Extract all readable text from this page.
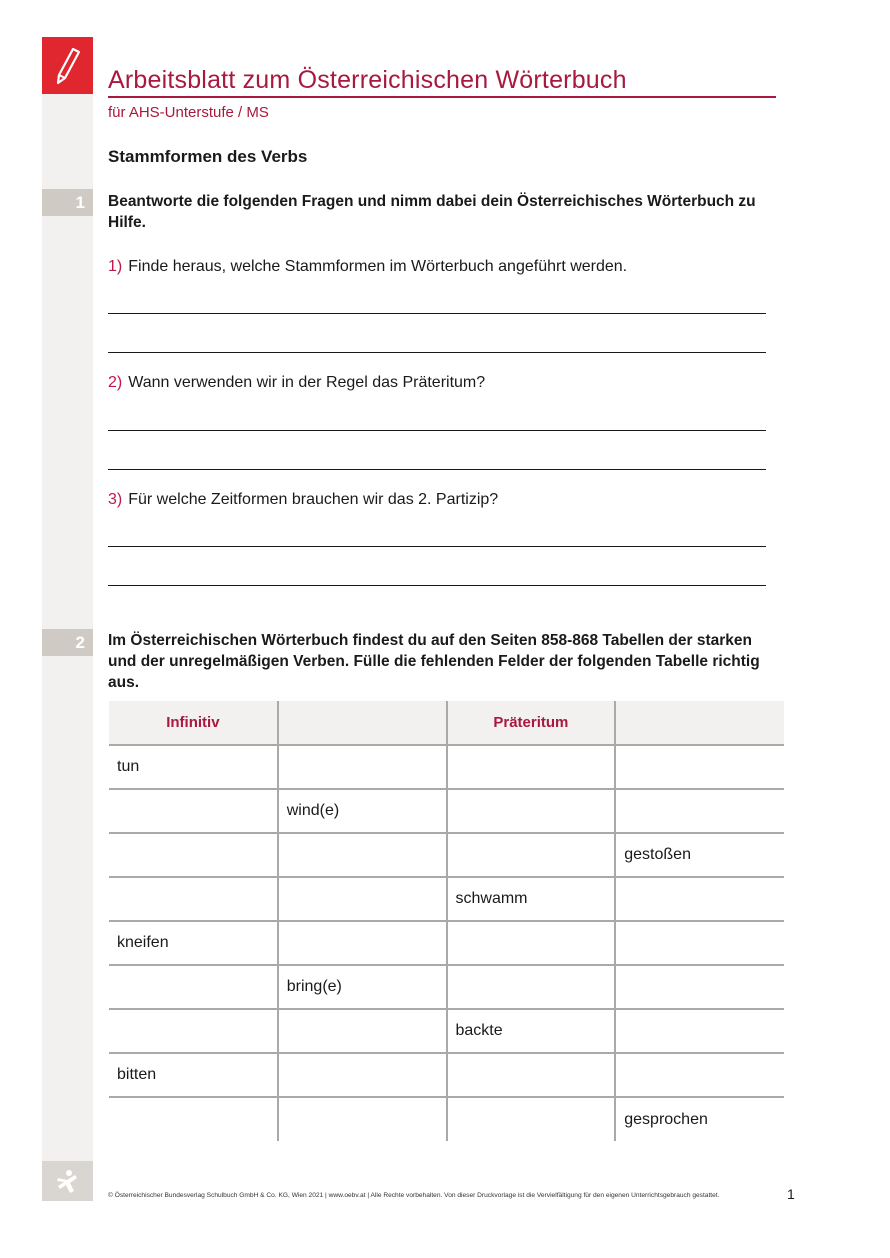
Arbeitsblatt zum Österreichischen Wörterbuch
für AHS-Unterstufe / MS
Stammformen des Verbs
1	Beantworte die folgenden Fragen und nimm dabei dein Österreichisches Wörterbuch zu Hilfe.
1) Finde heraus, welche Stammformen im Wörterbuch angeführt werden.
2) Wann verwenden wir in der Regel das Präteritum?
3) Für welche Zeitformen brauchen wir das 2. Partizip?
2	Im Österreichischen Wörterbuch findest du auf den Seiten 858-868 Tabellen der starken und der unregelmäßigen Verben. Fülle die fehlenden Felder der folgenden Tabelle richtig aus.
Infinitiv		Präteritum	
tun			
	wind(e)		
			gestoßen
		schwamm	
kneifen			
	bring(e)		
		backte	
bitten			
			gesprochen
© Österreichischer Bundesverlag Schulbuch GmbH & Co. KG, Wien 2021 | www.oebv.at | Alle Rechte vorbehalten. Von dieser Druckvorlage ist die Vervielfältigung für den eigenen Unterrichtsgebrauch gestattet.	1
